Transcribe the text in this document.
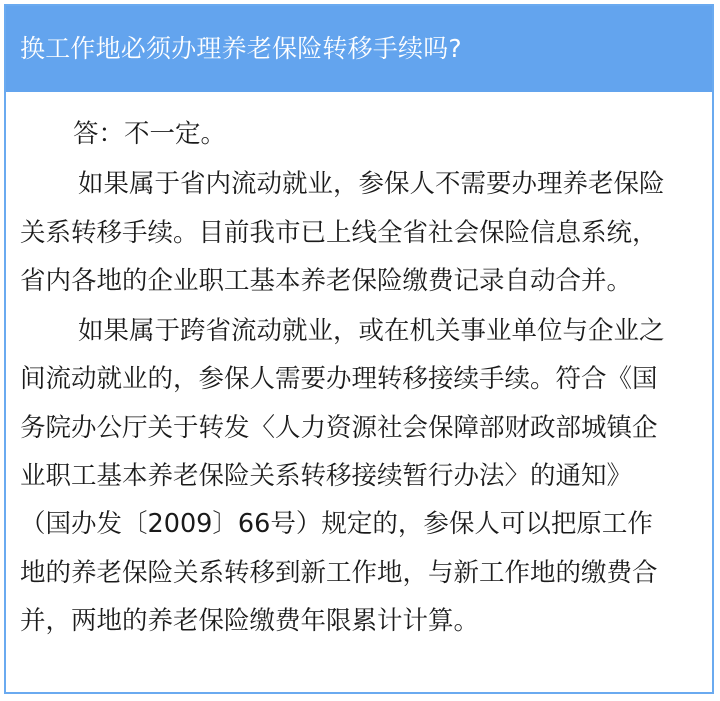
换工作地必须办理养老保险转移手续吗?
答：不一定。
如果属于省内流动就业，参保人不需要办理养老保险
关系转移手续。目前我市已上线全省社会保险信息系统，
省内各地的企业职工基本养老保险缴费记录自动合并。
如果属于跨省流动就业，或在机关事业单位与企业之
间流动就业的，参保人需要办理转移接续手续。符合《国
务院办公厅关于转发〈人力资源社会保障部财政部城镇企
业职工基本养老保险关系转移接续暂行办法〉的通知》
（国办发〔2009〕66号）规定的，参保人可以把原工作
地的养老保险关系转移到新工作地，与新工作地的缴费合
并，两地的养老保险缴费年限累计计算。
